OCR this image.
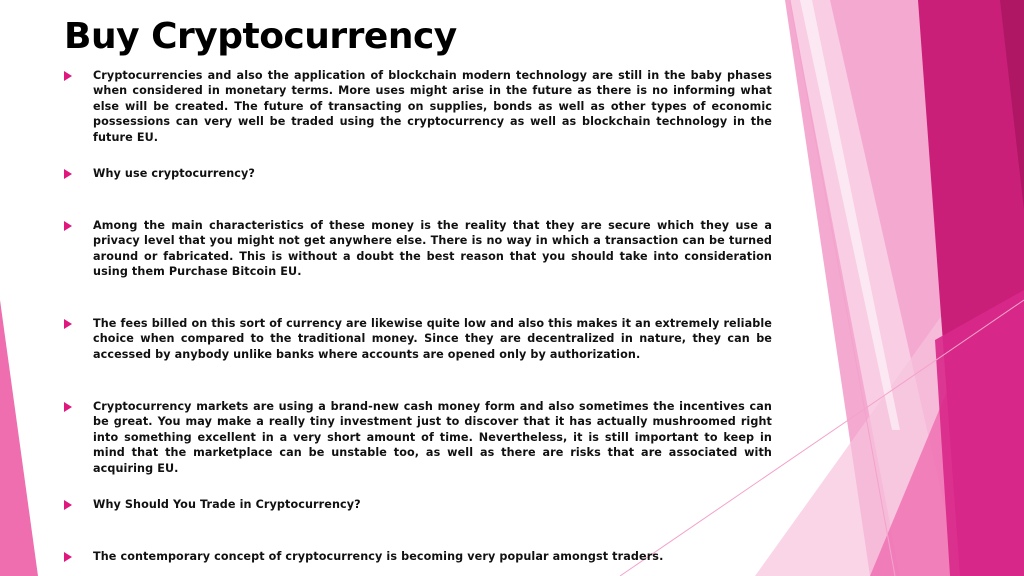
Buy Cryptocurrency
Cryptocurrencies and also the application of blockchain modern technology are still in the baby phases when considered in monetary terms. More uses might arise in the future as there is no informing what else will be created. The future of transacting on supplies, bonds as well as other types of economic possessions can very well be traded using the cryptocurrency as well as blockchain technology in the future EU.
Why use cryptocurrency?
Among the main characteristics of these money is the reality that they are secure which they use a privacy level that you might not get anywhere else. There is no way in which a transaction can be turned around or fabricated. This is without a doubt the best reason that you should take into consideration using them Purchase Bitcoin EU.
The fees billed on this sort of currency are likewise quite low and also this makes it an extremely reliable choice when compared to the traditional money. Since they are decentralized in nature, they can be accessed by anybody unlike banks where accounts are opened only by authorization.
Cryptocurrency markets are using a brand-new cash money form and also sometimes the incentives can be great. You may make a really tiny investment just to discover that it has actually mushroomed right into something excellent in a very short amount of time. Nevertheless, it is still important to keep in mind that the marketplace can be unstable too, as well as there are risks that are associated with acquiring EU.
Why Should You Trade in Cryptocurrency?
The contemporary concept of cryptocurrency is becoming very popular amongst traders.
